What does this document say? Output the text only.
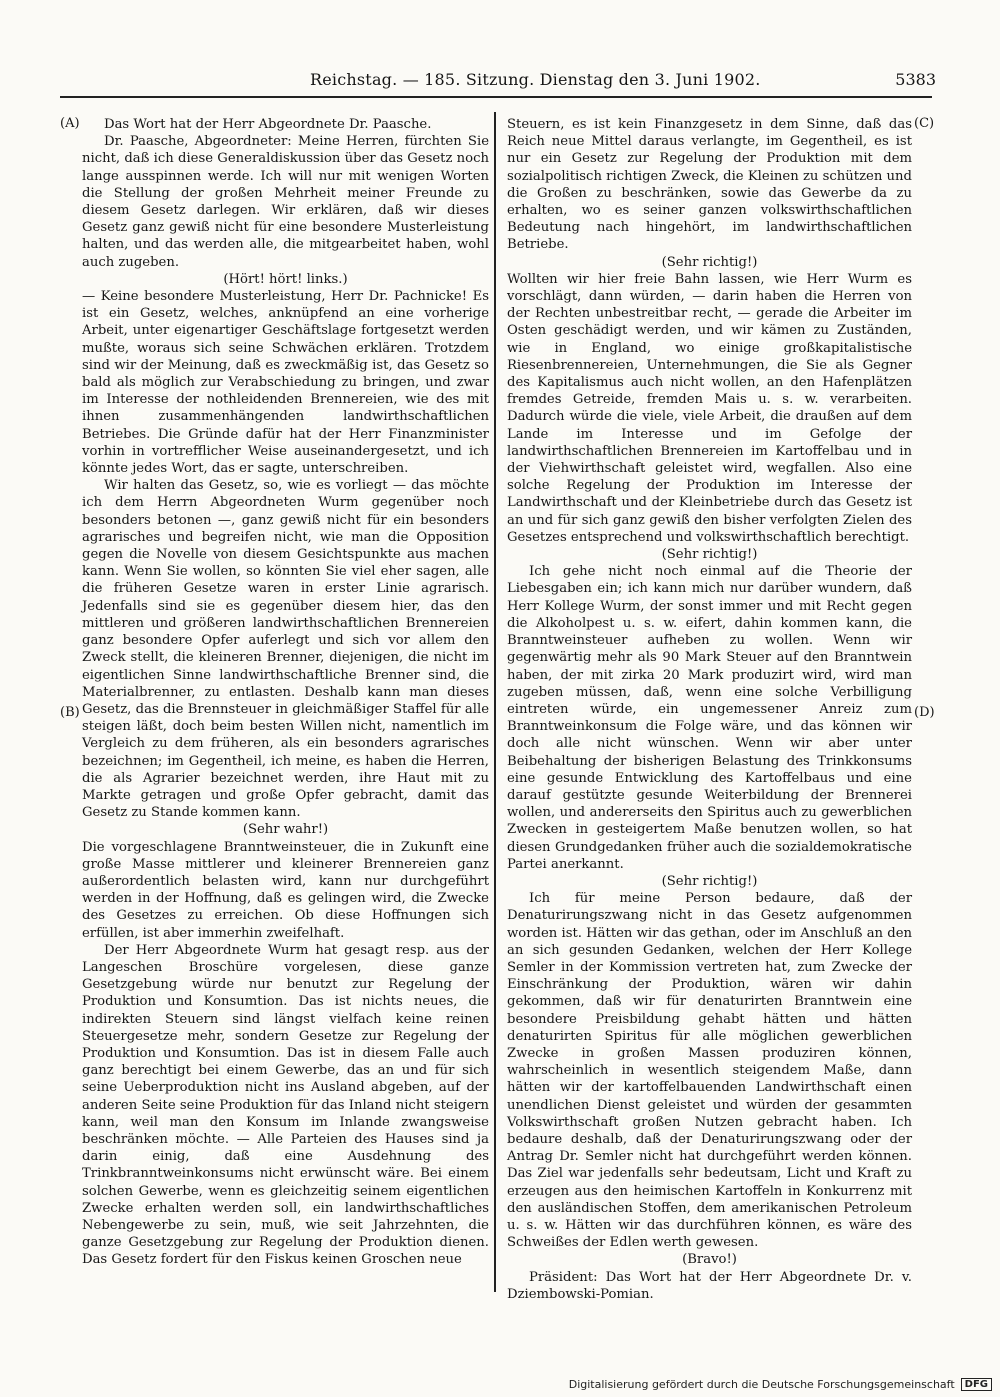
Reichstag. — 185. Sitzung. Dienstag den 3. Juni 1902.	5383
(A)
(B)
(C)
(D)

Das Wort hat der Herr Abgeordnete Dr. Paasche.

Dr. Paasche, Abgeordneter: Meine Herren, fürchten Sie nicht, daß ich diese Generaldiskussion über das Gesetz noch lange ausspinnen werde. Ich will nur mit wenigen Worten die Stellung der großen Mehrheit meiner Freunde zu diesem Gesetz darlegen. Wir erklären, daß wir dieses Gesetz ganz gewiß nicht für eine besondere Musterleistung halten, und das werden alle, die mitgearbeitet haben, wohl auch zugeben.

(Hört! hört! links.)

— Keine besondere Musterleistung, Herr Dr. Pachnicke! Es ist ein Gesetz, welches, anknüpfend an eine vorherige Arbeit, unter eigenartiger Geschäftslage fortgesetzt werden mußte, woraus sich seine Schwächen erklären. Trotzdem sind wir der Meinung, daß es zweckmäßig ist, das Gesetz so bald als möglich zur Verabschiedung zu bringen, und zwar im Interesse der nothleidenden Brennereien, wie des mit ihnen zusammenhängenden landwirthschaftlichen Betriebes. Die Gründe dafür hat der Herr Finanzminister vorhin in vortrefflicher Weise auseinandergesetzt, und ich könnte jedes Wort, das er sagte, unterschreiben.

Wir halten das Gesetz, so, wie es vorliegt — das möchte ich dem Herrn Abgeordneten Wurm gegenüber noch besonders betonen —, ganz gewiß nicht für ein besonders agrarisches und begreifen nicht, wie man die Opposition gegen die Novelle von diesem Gesichtspunkte aus machen kann. Wenn Sie wollen, so könnten Sie viel eher sagen, alle die früheren Gesetze waren in erster Linie agrarisch. Jedenfalls sind sie es gegenüber diesem hier, das den mittleren und größeren landwirthschaftlichen Brennereien ganz besondere Opfer auferlegt und sich vor allem den Zweck stellt, die kleineren Brenner, diejenigen, die nicht im eigentlichen Sinne landwirthschaftliche Brenner sind, die Materialbrenner, zu entlasten. Deshalb kann man dieses Gesetz, das die Brennsteuer in gleichmäßiger Staffel für alle steigen läßt, doch beim besten Willen nicht, namentlich im Vergleich zu dem früheren, als ein besonders agrarisches bezeichnen; im Gegentheil, ich meine, es haben die Herren, die als Agrarier bezeichnet werden, ihre Haut mit zu Markte getragen und große Opfer gebracht, damit das Gesetz zu Stande kommen kann.

(Sehr wahr!)

Die vorgeschlagene Branntweinsteuer, die in Zukunft eine große Masse mittlerer und kleinerer Brennereien ganz außerordentlich belasten wird, kann nur durchgeführt werden in der Hoffnung, daß es gelingen wird, die Zwecke des Gesetzes zu erreichen. Ob diese Hoffnungen sich erfüllen, ist aber immerhin zweifelhaft.

Der Herr Abgeordnete Wurm hat gesagt resp. aus der Langeschen Broschüre vorgelesen, diese ganze Gesetzgebung würde nur benutzt zur Regelung der Produktion und Konsumtion. Das ist nichts neues, die indirekten Steuern sind längst vielfach keine reinen Steuergesetze mehr, sondern Gesetze zur Regelung der Produktion und Konsumtion. Das ist in diesem Falle auch ganz berechtigt bei einem Gewerbe, das an und für sich seine Ueberproduktion nicht ins Ausland abgeben, auf der anderen Seite seine Produktion für das Inland nicht steigern kann, weil man den Konsum im Inlande zwangsweise beschränken möchte. — Alle Parteien des Hauses sind ja darin einig, daß eine Ausdehnung des Trinkbranntweinkonsums nicht erwünscht wäre. Bei einem solchen Gewerbe, wenn es gleichzeitig seinem eigentlichen Zwecke erhalten werden soll, ein landwirthschaftliches Nebengewerbe zu sein, muß, wie seit Jahrzehnten, die ganze Gesetzgebung zur Regelung der Produktion dienen. Das Gesetz fordert für den Fiskus keinen Groschen neue

Steuern, es ist kein Finanzgesetz in dem Sinne, daß das Reich neue Mittel daraus verlangte, im Gegentheil, es ist nur ein Gesetz zur Regelung der Produktion mit dem sozialpolitisch richtigen Zweck, die Kleinen zu schützen und die Großen zu beschränken, sowie das Gewerbe da zu erhalten, wo es seiner ganzen volkswirthschaftlichen Bedeutung nach hingehört, im landwirthschaftlichen Betriebe.

(Sehr richtig!)

Wollten wir hier freie Bahn lassen, wie Herr Wurm es vorschlägt, dann würden, — darin haben die Herren von der Rechten unbestreitbar recht, — gerade die Arbeiter im Osten geschädigt werden, und wir kämen zu Zuständen, wie in England, wo einige großkapitalistische Riesenbrennereien, Unternehmungen, die Sie als Gegner des Kapitalismus auch nicht wollen, an den Hafenplätzen fremdes Getreide, fremden Mais u. s. w. verarbeiten. Dadurch würde die viele, viele Arbeit, die draußen auf dem Lande im Interesse und im Gefolge der landwirthschaftlichen Brennereien im Kartoffelbau und in der Viehwirthschaft geleistet wird, wegfallen. Also eine solche Regelung der Produktion im Interesse der Landwirthschaft und der Kleinbetriebe durch das Gesetz ist an und für sich ganz gewiß den bisher verfolgten Zielen des Gesetzes entsprechend und volkswirthschaftlich berechtigt.

(Sehr richtig!)

Ich gehe nicht noch einmal auf die Theorie der Liebesgaben ein; ich kann mich nur darüber wundern, daß Herr Kollege Wurm, der sonst immer und mit Recht gegen die Alkoholpest u. s. w. eifert, dahin kommen kann, die Branntweinsteuer aufheben zu wollen. Wenn wir gegenwärtig mehr als 90 Mark Steuer auf den Branntwein haben, der mit zirka 20 Mark produzirt wird, wird man zugeben müssen, daß, wenn eine solche Verbilligung eintreten würde, ein ungemessener Anreiz zum Branntweinkonsum die Folge wäre, und das können wir doch alle nicht wünschen. Wenn wir aber unter Beibehaltung der bisherigen Belastung des Trinkkonsums eine gesunde Entwicklung des Kartoffelbaus und eine darauf gestützte gesunde Weiterbildung der Brennerei wollen, und andererseits den Spiritus auch zu gewerblichen Zwecken in gesteigertem Maße benutzen wollen, so hat diesen Grundgedanken früher auch die sozialdemokratische Partei anerkannt.

(Sehr richtig!)

Ich für meine Person bedaure, daß der Denaturirungszwang nicht in das Gesetz aufgenommen worden ist. Hätten wir das gethan, oder im Anschluß an den an sich gesunden Gedanken, welchen der Herr Kollege Semler in der Kommission vertreten hat, zum Zwecke der Einschränkung der Produktion, wären wir dahin gekommen, daß wir für denaturirten Branntwein eine besondere Preisbildung gehabt hätten und hätten denaturirten Spiritus für alle möglichen gewerblichen Zwecke in großen Massen produziren können, wahrscheinlich in wesentlich steigendem Maße, dann hätten wir der kartoffelbauenden Landwirthschaft einen unendlichen Dienst geleistet und würden der gesammten Volkswirthschaft großen Nutzen gebracht haben. Ich bedaure deshalb, daß der Denaturirungszwang oder der Antrag Dr. Semler nicht hat durchgeführt werden können. Das Ziel war jedenfalls sehr bedeutsam, Licht und Kraft zu erzeugen aus den heimischen Kartoffeln in Konkurrenz mit den ausländischen Stoffen, dem amerikanischen Petroleum u. s. w. Hätten wir das durchführen können, es wäre des Schweißes der Edlen werth gewesen.

(Bravo!)

Präsident: Das Wort hat der Herr Abgeordnete Dr. v. Dziembowski-Pomian.

Digitalisierung gefördert durch die Deutsche Forschungsgemeinschaft	DFG
